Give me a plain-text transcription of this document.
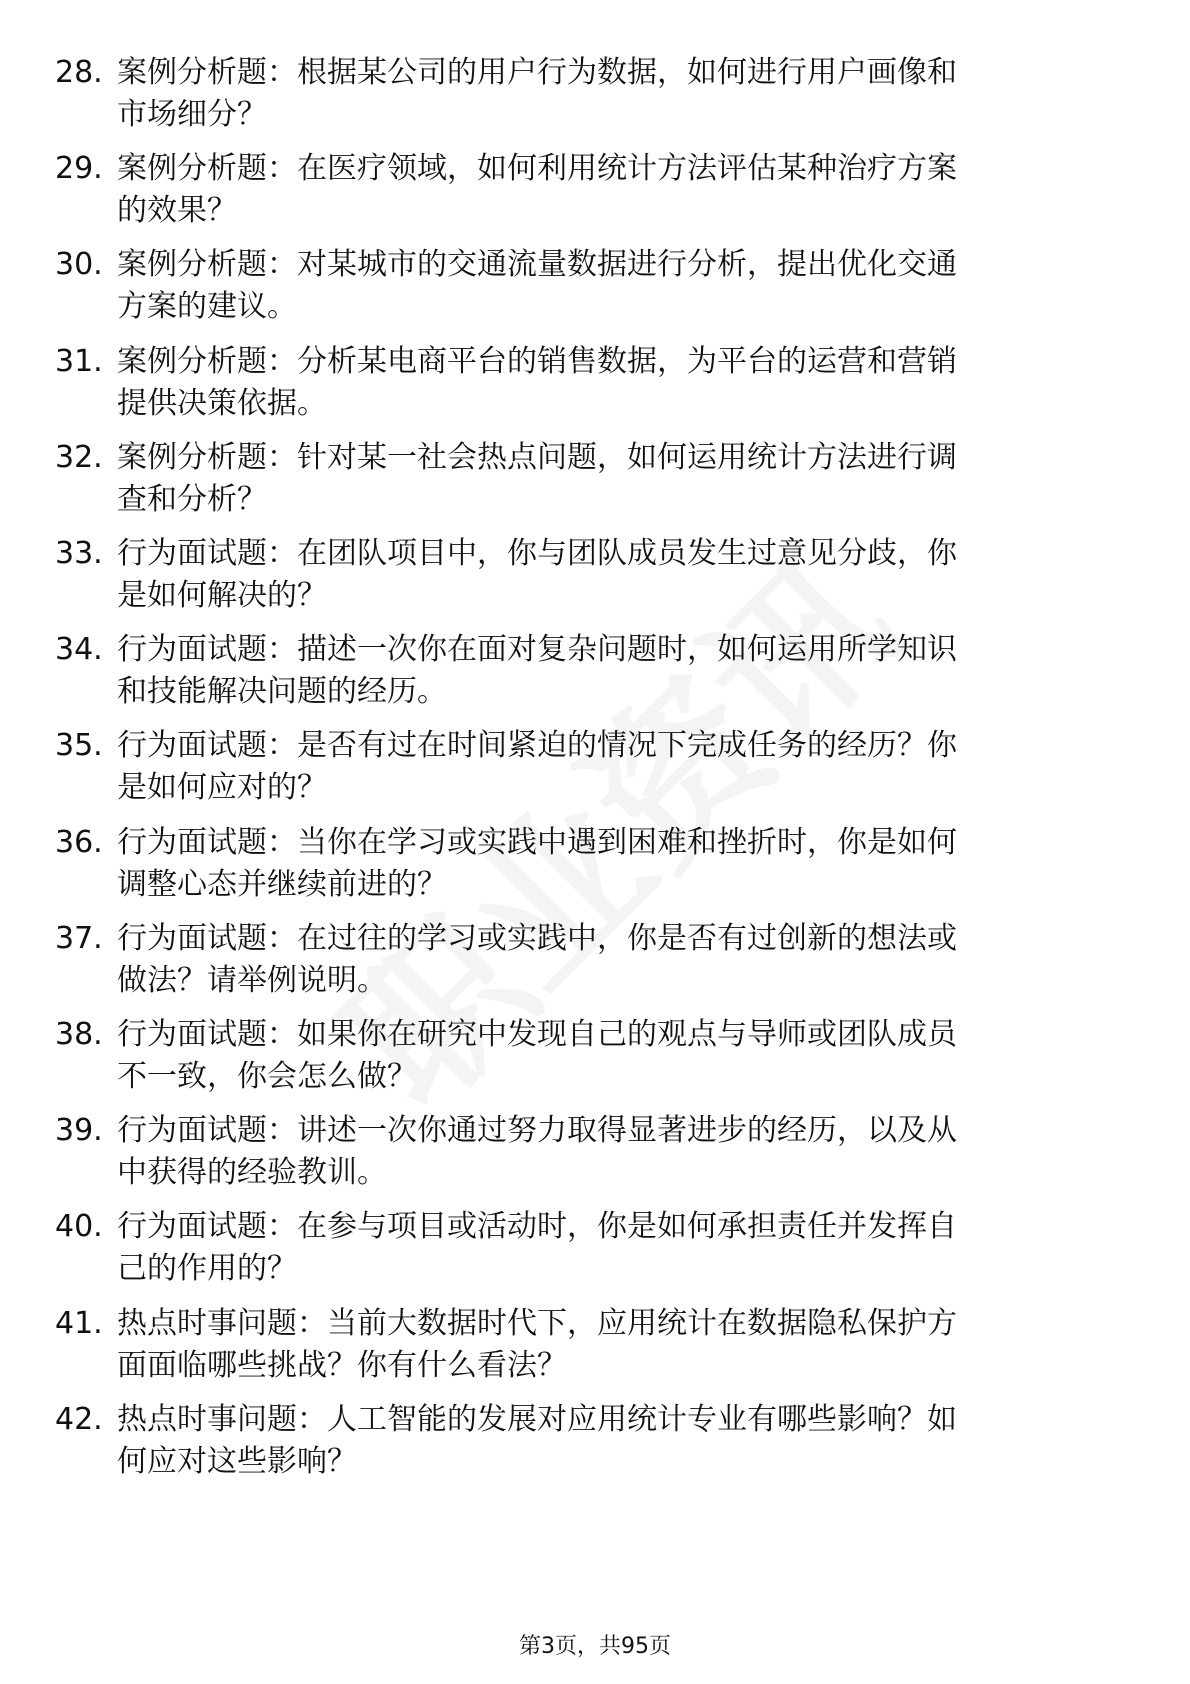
28. 案例分析题：根据某公司的用户行为数据，如何进行用户画像和
市场细分？
29. 案例分析题：在医疗领域，如何利用统计方法评估某种治疗方案
的效果？
30. 案例分析题：对某城市的交通流量数据进行分析，提出优化交通
方案的建议。
31. 案例分析题：分析某电商平台的销售数据，为平台的运营和营销
提供决策依据。
32. 案例分析题：针对某一社会热点问题，如何运用统计方法进行调
查和分析？
33. 行为面试题：在团队项目中，你与团队成员发生过意见分歧，你
是如何解决的？
34. 行为面试题：描述一次你在面对复杂问题时，如何运用所学知识
和技能解决问题的经历。
35. 行为面试题：是否有过在时间紧迫的情况下完成任务的经历？你
是如何应对的？
36. 行为面试题：当你在学习或实践中遇到困难和挫折时，你是如何
调整心态并继续前进的？
37. 行为面试题：在过往的学习或实践中，你是否有过创新的想法或
做法？请举例说明。
38. 行为面试题：如果你在研究中发现自己的观点与导师或团队成员
不一致，你会怎么做？
39. 行为面试题：讲述一次你通过努力取得显著进步的经历，以及从
中获得的经验教训。
40. 行为面试题：在参与项目或活动时，你是如何承担责任并发挥自
己的作用的？
41. 热点时事问题：当前大数据时代下，应用统计在数据隐私保护方
面面临哪些挑战？你有什么看法？
42. 热点时事问题：人工智能的发展对应用统计专业有哪些影响？如
何应对这些影响？
第3页，共95页
